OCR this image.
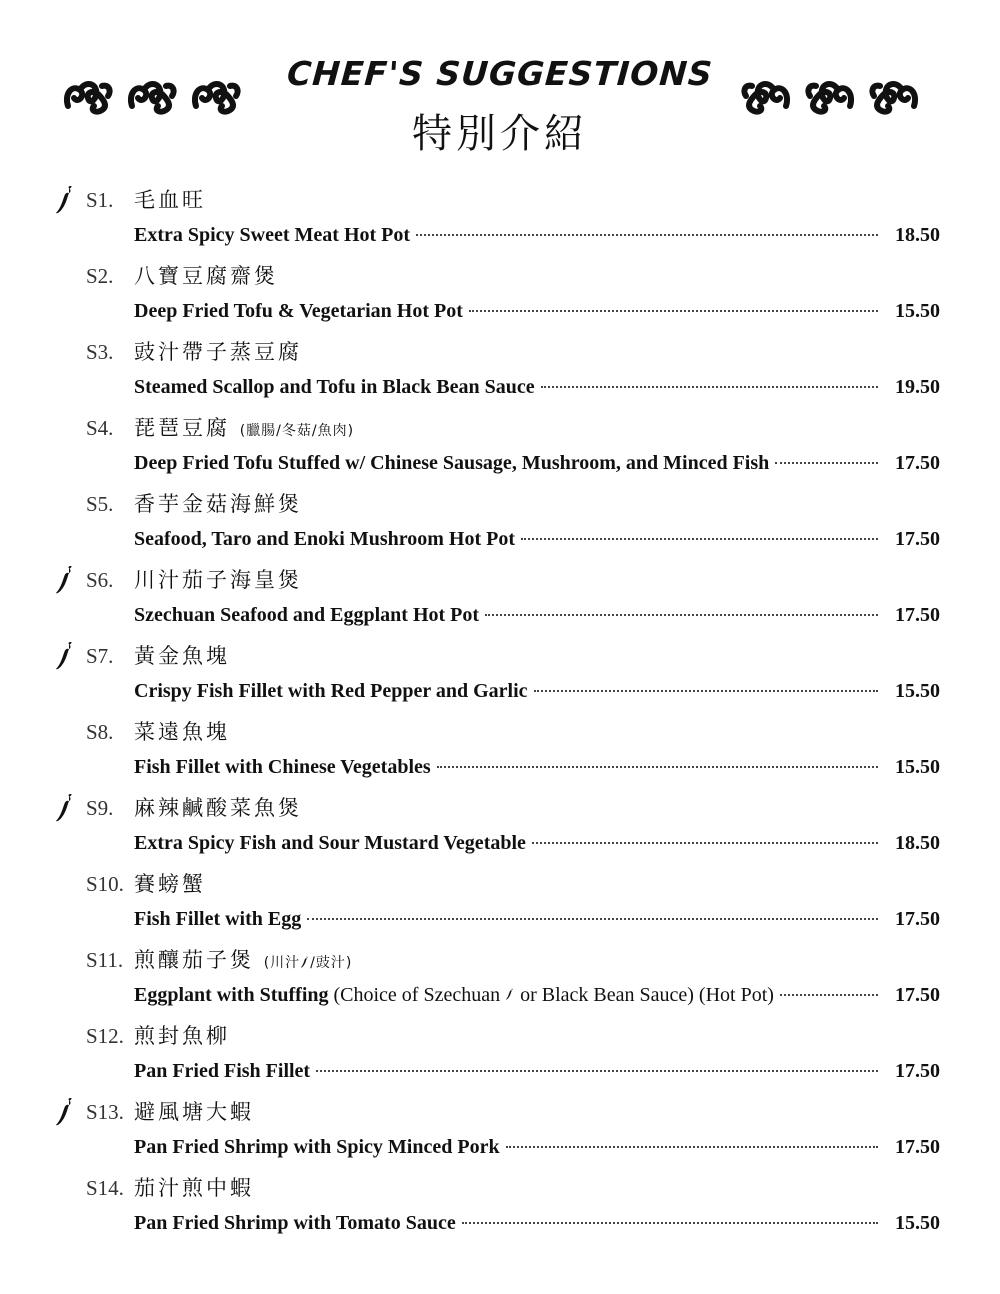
CHEF'S SUGGESTIONS
特別介紹
S1. 毛血旺
Extra Spicy Sweet Meat Hot Pot	18.50
S2. 八寶豆腐齋煲
Deep Fried Tofu & Vegetarian Hot Pot	15.50
S3. 豉汁帶子蒸豆腐
Steamed Scallop and Tofu in Black Bean Sauce	19.50
S4. 琵琶豆腐 (臘腸/冬菇/魚肉)
Deep Fried Tofu Stuffed w/ Chinese Sausage, Mushroom, and Minced Fish	17.50
S5. 香芋金菇海鮮煲
Seafood, Taro and Enoki Mushroom Hot Pot	17.50
S6. 川汁茄子海皇煲
Szechuan Seafood and Eggplant Hot Pot	17.50
S7. 黃金魚塊
Crispy Fish Fillet with Red Pepper and Garlic	15.50
S8. 菜遠魚塊
Fish Fillet with Chinese Vegetables	15.50
S9. 麻辣鹹酸菜魚煲
Extra Spicy Fish and Sour Mustard Vegetable	18.50
S10. 賽螃蟹
Fish Fillet with Egg	17.50
S11. 煎釀茄子煲 (川汁 /豉汁)
Eggplant with Stuffing
(Choice of Szechuan

or Black Bean Sauce) (Hot Pot)	17.50
S12. 煎封魚柳
Pan Fried Fish Fillet	17.50
S13. 避風塘大蝦
Pan Fried Shrimp with Spicy Minced Pork	17.50
S14. 茄汁煎中蝦
Pan Fried Shrimp with Tomato Sauce	15.50
